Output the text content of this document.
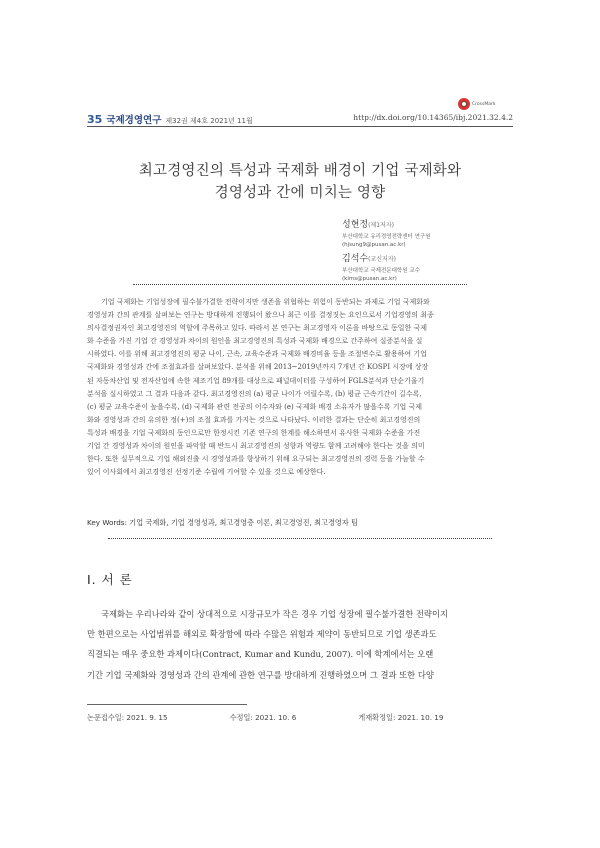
CrossMark
35 국제경영연구 제32권 제4호 2021년 11월	http://dx.doi.org/10.14365/ibj.2021.32.4.2
최고경영진의 특성과 국제화 배경이 기업 국제화와
경영성과 간에 미치는 영향
성현정(제1저자)
부산대학교 유리경영전략센터 연구원
(hjsung9@pusan.ac.kr)
김석수(교신저자)
부산대학교 국제전문대학원 교수
(kims@pusan.ac.kr)
기업 국제화는 기업성장에 필수불가결한 전략이지만 생존을 위협하는 위험이 동반되는 과제로 기업 국제화와
경영성과 간의 관계를 살펴보는 연구는 방대하게 진행되어 왔으나 최근 이를 결정짓는 요인으로서 기업경영의 최종
의사결정권자인 최고경영진의 역할에 주목하고 있다. 따라서 본 연구는 최고경영자 이론을 바탕으로 동일한 국제
화 수준을 가진 기업 간 경영성과 차이의 원인을 최고경영진의 특성과 국제화 배경으로 간주하여 실증분석을 실
시하였다. 이를 위해 최고경영진의 평균 나이, 근속, 교육수준과 국제화 배경비율 등을 조절변수로 활용하여 기업
국제화와 경영성과 간에 조절효과를 살펴보았다. 분석을 위해 2013~2019년까지 7개년 간 KOSPI 시장에 상장
된 자동차산업 및 전자산업에 속한 제조기업 89개를 대상으로 패널데이터를 구성하여 FGLS분석과 단순기울기
분석을 실시하였고 그 결과 다음과 같다. 최고경영진의 (a) 평균 나이가 어릴수록, (b) 평균 근속기간이 길수록,
(c) 평균 교육수준이 높을수록, (d) 국제화 관련 전공의 이수자와 (e) 국제화 배경 소유자가 많을수록 기업 국제
화와 경영성과 간의 유의한 정(+)의 조절 효과를 가지는 것으로 나타났다. 이러한 결과는 단순히 최고경영진의
특성과 배경을 기업 국제화의 동인으로만 한정시킨 기존 연구의 한계를 해소하면서 유사한 국제화 수준을 가진
기업 간 경영성과 차이의 원인을 파악할 때 반드시 최고경영진의 성향과 역량도 함께 고려해야 한다는 것을 의미
한다. 또한 실무적으로 기업 해외진출 시 경영성과를 향상하기 위해 요구되는 최고경영진의 경력 등을 가늠할 수
있어 이사회에서 최고경영진 선정기준 수립에 기여할 수 있을 것으로 예상한다.
Key Words: 기업 국제화, 기업 경영성과, 최고경영층 이론, 최고경영진, 최고경영자 팀
Ⅰ. 서 론
국제화는 우리나라와 같이 상대적으로 시장규모가 작은 경우 기업 성장에 필수불가결한 전략이지
만 한편으로는 사업범위를 해외로 확장함에 따라 수많은 위험과 제약이 동반되므로 기업 생존과도
직결되는 매우 중요한 과제이다(Contract, Kumar and Kundu, 2007). 이에 학계에서는 오랜
기간 기업 국제화와 경영성과 간의 관계에 관한 연구를 방대하게 진행하였으며 그 결과 또한 다양
논문접수일: 2021. 9. 15	수정일: 2021. 10. 6	게재확정일: 2021. 10. 19
